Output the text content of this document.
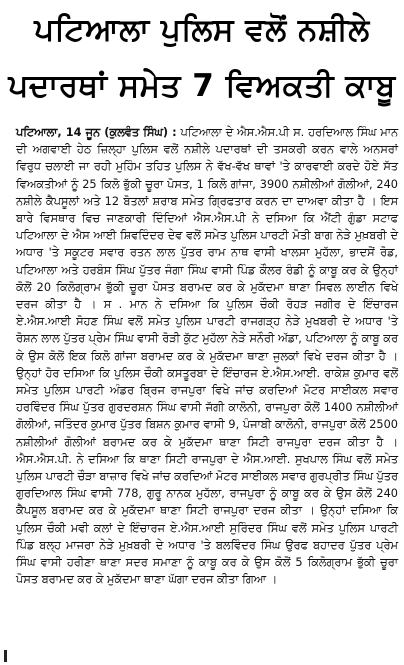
ਪਟਿਆਲਾ ਪੁਲਿਸ ਵਲੋਂ ਨਸ਼ੀਲੇ
ਪਦਾਰਥਾਂ ਸਮੇਤ 7 ਵਿਅਕਤੀ ਕਾਬੂ

ਪਟਿਆਲਾ, 14 ਜੂਨ (ਕੁਲਵੰਤ ਸਿੰਘ) : ਪਟਿਆਲਾ ਦੇ ਐਸ.ਐਸ.ਪੀ ਸ. ਹਰਦਿਆਲ ਸਿੰਘ ਮਾਨ ਦੀ ਅਗਵਾਈ ਹੇਠ ਜ਼ਿਲ੍ਹਾ ਪੁਲਿਸ ਵਲੋਂ ਨਸ਼ੀਲੇ ਪਦਾਰਥਾਂ ਦੀ ਤਸਕਰੀ ਕਰਨ ਵਾਲੇ ਅਨਸਰਾਂ ਵਿਰੁਧ ਚਲਾਈ ਜਾ ਰਹੀ ਮੁਹਿੰਮ ਤਹਿਤ ਪੁਲਿਸ ਨੇ ਵੱਖ-ਵੱਖ ਥਾਵਾਂ 'ਤੇ ਕਾਰਵਾਈ ਕਰਦੇ ਹੋਏ ਸੱਤ ਵਿਅਕਤੀਆਂ ਨੂੰ 25 ਕਿਲੋ ਭੁੱਕੀ ਚੂਰਾ ਪੋਸਤ, 1 ਕਿਲੋ ਗਾਂਜਾ, 3900 ਨਸ਼ੀਲੀਆਂ ਗੋਲੀਆਂ, 240 ਨਸ਼ੀਲੇ ਕੈਪਸੂਲਾਂ ਅਤੇ 12 ਬੋਤਲਾਂ ਸ਼ਰਾਬ ਸਮੇਤ ਗ੍ਰਿਫਤਾਰ ਕਰਨ ਦਾ ਦਾਅਵਾ ਕੀਤਾ ਹੈ । ਇਸ ਬਾਰੇ ਵਿਸਥਾਰ ਵਿਚ ਜਾਣਕਾਰੀ ਦਿੰਦਿਆਂ ਐਸ.ਐਸ.ਪੀ ਨੇ ਦਸਿਆ ਕਿ ਐਂਟੀ ਗੁੰਡਾ ਸਟਾਫ ਪਟਿਆਲਾ ਦੇ ਐਸ ਆਈ ਸ਼ਿਵਦਿੰਦਰ ਦੇਵ ਵਲੋਂ ਸਮੇਤ ਪੁਲਿਸ ਪਾਰਟੀ ਮੋਤੀ ਬਾਗ ਨੇੜੇ ਮੁਖ਼ਬਰੀ ਦੇ ਅਧਾਰ 'ਤੇ ਸਕੂਟਰ ਸਵਾਰ ਰਤਨ ਲਾਲ ਪੁੱਤਰ ਰਾਮ ਨਾਥ ਵਾਸੀ ਖਾਲਸਾ ਮੁਹੱਲਾ, ਭਾਦਸੋਂ ਰੋਡ, ਪਟਿਆਲਾ ਅਤੇ ਹਰਬੰਸ ਸਿੰਘ ਪੁੱਤਰ ਜੰਗਾ ਸਿੰਘ ਵਾਸੀ ਪਿੰਡ ਕੌਲਰ ਰੰਡੀ ਨੂੰ ਕਾਬੂ ਕਰ ਕੇ ਉਨ੍ਹਾਂ ਕੋਲੋਂ 20 ਕਿਲੋਗ੍ਰਾਮ ਭੁੱਕੀ ਚੂਰਾ ਪੋਸਤ ਬਰਾਮਦ ਕਰ ਕੇ ਮੁਕੱਦਮਾ ਥਾਣਾ ਸਿਵਲ ਲਾਈਨ ਵਿਖੇ ਦਰਜ ਕੀਤਾ ਹੈ । ਸ . ਮਾਨ ਨੇ ਦਸਿਆ ਕਿ ਪੁਲਿਸ ਚੌਕੀ ਰੋਹੜ ਜਗੀਰ ਦੇ ਇੰਚਾਰਜ ਏ.ਐਸ.ਆਈ ਸੋਹਣ ਸਿੰਘ ਵਲੋਂ ਸਮੇਤ ਪੁਲਿਸ ਪਾਰਟੀ ਰਾਜਗੜ੍ਹ ਨੇੜੇ ਮੁਖਬਰੀ ਦੇ ਅਧਾਰ 'ਤੇ ਰੋਸ਼ਨ ਲਾਲ ਪੁੱਤਰ ਪ੍ਰੇਮ ਸਿੰਘ ਵਾਸੀ ਰੋੜੀ ਕੁੱਟ ਮੁਹੱਲਾ ਨੇੜੇ ਸਨੌਰੀ ਅੱਡਾ, ਪਟਿਆਲਾ ਨੂੰ ਕਾਬੂ ਕਰ ਕੇ ਉਸ ਕੋਲੋਂ ਇਕ ਕਿਲੋ ਗਾਂਜਾ ਬਰਾਮਦ ਕਰ ਕੇ ਮੁਕੱਦਮਾ ਥਾਣਾ ਜੁਲਕਾਂ ਵਿਖੇ ਦਰਜ ਕੀਤਾ ਹੈ । ਉਨ੍ਹਾਂ ਹੋਰ ਦਸਿਆ ਕਿ ਪੁਲਿਸ ਚੌਕੀ ਕਸਤੂਰਬਾ ਦੇ ਇੰਚਾਰਜ ਏ.ਐਸ.ਆਈ. ਰਾਕੇਸ਼ ਕੁਮਾਰ ਵਲੋਂ ਸਮੇਤ ਪੁਲਿਸ ਪਾਰਟੀ ਅੰਡਰ ਬ੍ਰਿਜ ਰਾਜਪੁਰਾ ਵਿਖੇ ਜਾਂਚ ਕਰਦਿਆਂ ਮੋਟਰ ਸਾਈਕਲ ਸਵਾਰ ਹਰਵਿੰਦਰ ਸਿੰਘ ਪੁੱਤਰ ਗੁਰਦਰਸ਼ਨ ਸਿੰਘ ਵਾਸੀ ਜੱਗੀ ਕਾਲੋਨੀ, ਰਾਜਪੁਰਾ ਕੋਲੋਂ 1400 ਨਸ਼ੀਲੀਆਂ ਗੋਲੀਆਂ, ਜਤਿੰਦਰ ਕੁਮਾਰ ਪੁੱਤਰ ਬਿਸ਼ਨ ਕੁਮਾਰ ਵਾਸੀ 9, ਪੰਜਾਬੀ ਕਾਲੋਨੀ, ਰਾਜਪੁਰਾ ਕੋਲੋਂ 2500 ਨਸ਼ੀਲੀਆਂ ਗੋਲੀਆਂ ਬਰਾਮਦ ਕਰ ਕੇ ਮੁਕੱਦਮਾ ਥਾਣਾ ਸਿਟੀ ਰਾਜਪੁਰਾ ਦਰਜ ਕੀਤਾ ਹੈ । ਐਸ.ਐਸ.ਪੀ. ਨੇ ਦਸਿਆ ਕਿ ਥਾਣਾ ਸਿਟੀ ਰਾਜਪੁਰਾ ਦੇ ਐਸ.ਆਈ. ਸੁਖਪਾਲ ਸਿੰਘ ਵਲੋਂ ਸਮੇਤ ਪੁਲਿਸ ਪਾਰਟੀ ਚੌੜਾ ਬਾਜ਼ਾਰ ਵਿਖੇ ਜਾਂਚ ਕਰਦਿਆਂ ਮੋਟਰ ਸਾਈਕਲ ਸਵਾਰ ਗੁਰਪ੍ਰੀਤ ਸਿੰਘ ਪੁੱਤਰ ਗੁਰਦਿਆਲ ਸਿੰਘ ਵਾਸੀ 778, ਗੁਰੂ ਨਾਨਕ ਮੁਹੱਲਾ, ਰਾਜਪੁਰਾ ਨੂੰ ਕਾਬੂ ਕਰ ਕੇ ਉਸ ਕੋਲੋਂ 240 ਕੈਪਸੂਲ ਬਰਾਮਦ ਕਰ ਕੇ ਮੁਕੱਦਮਾ ਥਾਣਾ ਸਿਟੀ ਰਾਜਪੁਰਾ ਦਰਜ ਕੀਤਾ । ਉਨ੍ਹਾਂ ਦਸਿਆ ਕਿ ਪੁਲਿਸ ਚੌਕੀ ਮਵੀ ਕਲਾਂ ਦੇ ਇੰਚਾਰਜ ਏ.ਐਸ.ਆਈ ਸੁਰਿੰਦਰ ਸਿੰਘ ਵਲੋਂ ਸਮੇਤ ਪੁਲਿਸ ਪਾਰਟੀ ਪਿੰਡ ਬਲ੍ਹ ਮਾਜਰਾ ਨੇੜੇ ਮੁਖ਼ਬਰੀ ਦੇ ਅਧਾਰ 'ਤੇ ਬਲਵਿੰਦਰ ਸਿੰਘ ਉਰਫ ਬਹਾਦਰ ਪੁੱਤਰ ਪ੍ਰੇਮ ਸਿੰਘ ਵਾਸੀ ਹਰੀਣਾ ਥਾਣਾ ਸਦਰ ਸਮਾਣਾ ਨੂੰ ਕਾਬੂ ਕਰ ਕੇ ਉਸ ਕੋਲੋਂ 5 ਕਿਲੋਗ੍ਰਾਮ ਭੁੱਕੀ ਚੂਰਾ ਪੋਸਤ ਬਰਾਮਦ ਕਰ ਕੇ ਮੁਕੱਦਮਾ ਥਾਣਾ ਘੱਗਾ ਦਰਜ ਕੀਤਾ ਗਿਆ ।
